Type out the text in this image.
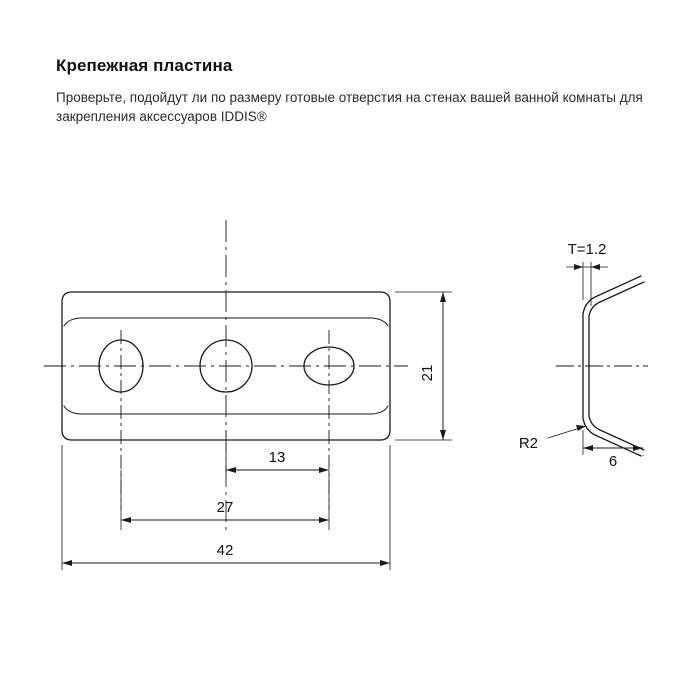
Крепежная пластина
Проверьте, подойдут ли по размеру готовые отверстия на стенах вашей ванной комнаты для закрепления аксессуаров IDDIS®
21
13
27
42
T=1.2
R2
6
